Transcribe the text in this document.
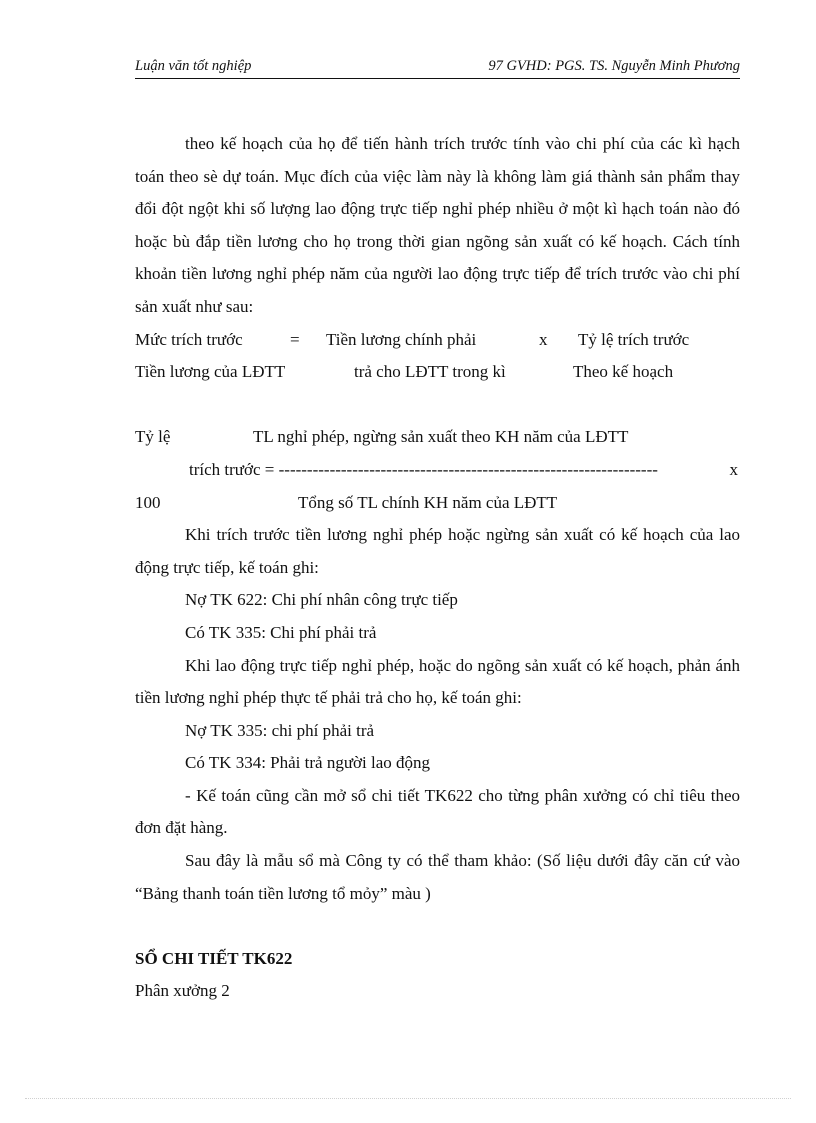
Luận văn tốt nghiệp	97 GVHD: PGS. TS. Nguyễn Minh Phương

theo kế hoạch của họ để tiến hành trích trước tính vào chi phí của các kì hạch toán theo sè dự toán. Mục đích của việc làm này là không làm giá thành sản phẩm thay đổi đột ngột khi số lượng lao động trực tiếp nghỉ phép nhiều ở một kì hạch toán nào đó hoặc bù đắp tiền lương cho họ trong thời gian ngõng sản xuất có kế hoạch. Cách tính khoản tiền lương nghỉ phép năm của người lao động trực tiếp để trích trước vào chi phí sản xuất như sau:

Mức trích trước	= Tiền lương chính phải	x Tỷ lệ trích trước
Tiền lương của LĐTT	trả cho LĐTT trong kì	Theo kế hoạch
Tỷ lệ	TL nghỉ phép, ngừng sản xuất theo KH năm của LĐTT
trích trước = -------------------------------------------------------------------	x
100	Tổng số TL chính KH năm của LĐTT

Khi trích trước tiền lương nghỉ phép hoặc ngừng sản xuất có kế hoạch của lao động trực tiếp, kế toán ghi:

Nợ TK 622: Chi phí nhân công trực tiếp

Có TK 335: Chi phí phải trả

Khi lao động trực tiếp nghỉ phép, hoặc do ngõng sản xuất có kế hoạch, phản ánh tiền lương nghỉ phép thực tế phải trả cho họ, kế toán ghi:

Nợ TK 335: chi phí phải trả

Có TK 334: Phải trả người lao động

- Kế toán cũng cần mở sổ chi tiết TK622 cho từng phân xưởng có chỉ tiêu theo đơn đặt hàng.

Sau đây là mẫu sổ mà Công ty có thể tham khảo: (Số liệu dưới đây căn cứ vào “Bảng thanh toán tiền lương tổ mỏy” màu )

SỔ CHI TIẾT TK622

Phân xưởng 2
